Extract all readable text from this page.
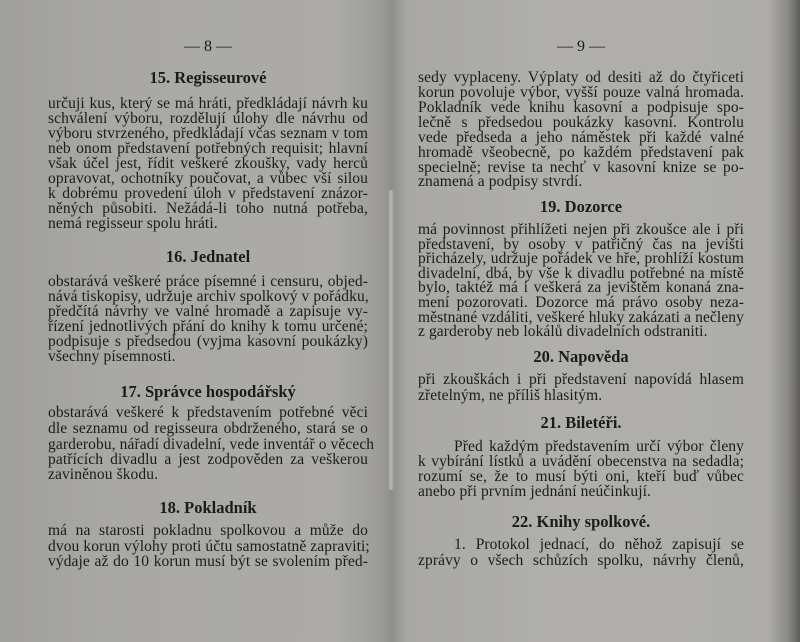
— 8 —
15. Regisseurové
určuji kus, který se má hráti, předkládají návrh ku
schválení výboru, rozdělují úlohy dle návrhu od
výboru stvrzeného, předkládají včas seznam v tom
neb onom představení potřebných requisit; hlavní
však účel jest, řídit veškeré zkoušky, vady herců
opravovat, ochotníky poučovat, a vůbec vší silou
k dobrému provedení úloh v představení znázor-
něných působiti. Nežádá-li toho nutná potřeba,
nemá regisseur spolu hráti.
16. Jednatel
obstarává veškeré práce písemné i censuru, objed-
nává tiskopisy, udržuje archiv spolkový v pořádku,
předčítá návrhy ve valné hromadě a zapisuje vy-
řízení jednotlivých přání do knihy k tomu určené;
podpisuje s předsedou (vyjma kasovní poukázky)
všechny písemnosti.
17. Správce hospodářský
obstarává veškeré k představením potřebné věci
dle seznamu od regisseura obdrženého, stará se o
garderobu, nářadí divadelní, vede inventář o věcech
patřících divadlu a jest zodpověden za veškerou
zaviněnou škodu.
18. Pokladník
má na starosti pokladnu spolkovou a může do
dvou korun výlohy proti účtu samostatně zapraviti;
výdaje až do 10 korun musí být se svolením před-
— 9 —
sedy vyplaceny. Výplaty od desiti až do čtyřiceti
korun povoluje výbor, vyšší pouze valná hromada.
Pokladník vede knihu kasovní a podpisuje spo-
lečně s předsedou poukázky kasovní. Kontrolu
vede předseda a jeho náměstek při každé valné
hromadě všeobecně, po každém představení pak
specielně; revise ta nechť v kasovní knize se po-
znamená a podpisy stvrdí.
19. Dozorce
má povinnost přihlížeti nejen při zkoušce ale i při
představení, by osoby v patřičný čas na jevišti
přicházely, udržuje pořádek ve hře, prohlíží kostum
divadelní, dbá, by vše k divadlu potřebné na místě
bylo, taktéž má i veškerá za jevištěm konaná zna-
mení pozorovati. Dozorce má právo osoby neza-
městnané vzdáliti, veškeré hluky zakázati a nečleny
z garderoby neb lokálů divadelních odstraniti.
20. Napověda
při zkouškách i při představení napovídá hlasem
zřetelným, ne příliš hlasitým.
21. Biletéři.
Před každým představením určí výbor členy
k vybírání lístků a uvádění obecenstva na sedadla;
rozumí se, že to musí býti oni, kteří buď vůbec
anebo při prvním jednání neúčinkují.
22. Knihy spolkové.
1. Protokol jednací, do něhož zapisují se
zprávy o všech schůzích spolku, návrhy členů,
